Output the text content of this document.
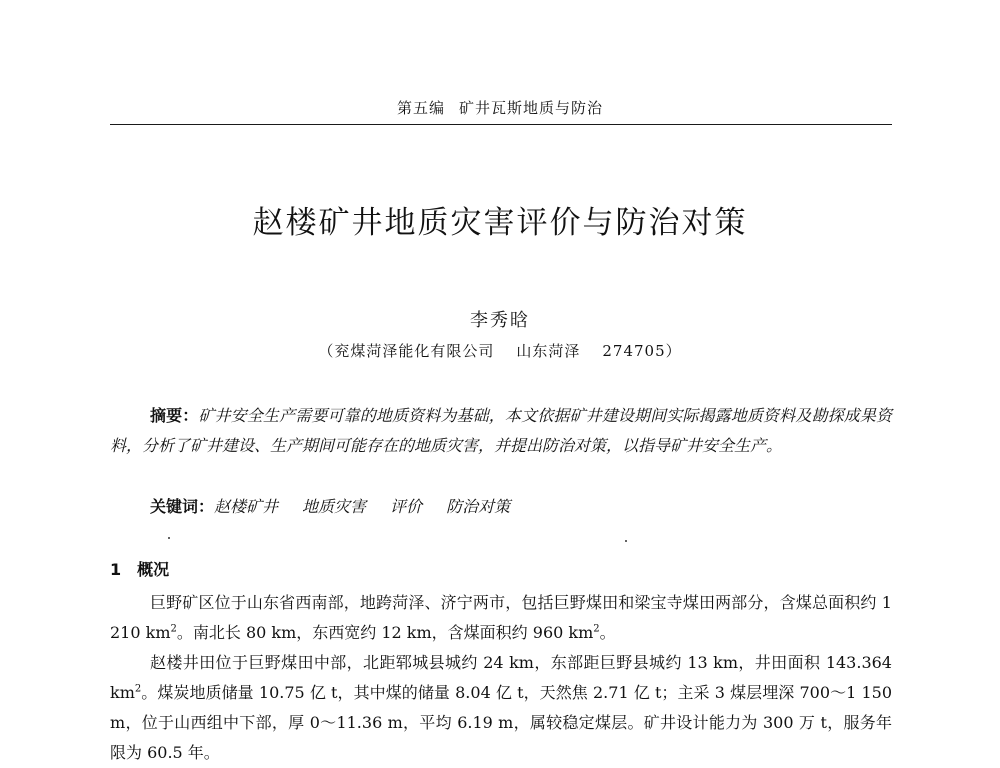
第五编 矿井瓦斯地质与防治
赵楼矿井地质灾害评价与防治对策
李秀晗
（兖煤菏泽能化有限公司 山东菏泽 274705）

摘要：矿井安全生产需要可靠的地质资料为基础，本文依据矿井建设期间实际揭露地质资料及勘探成果资料，分析了矿井建设、生产期间可能存在的地质灾害，并提出防治对策，以指导矿井安全生产。

关键词：赵楼矿井 地质灾害 评价 防治对策
1 概况

巨野矿区位于山东省西南部，地跨菏泽、济宁两市，包括巨野煤田和梁宝寺煤田两部分，含煤总面积约 1 210 $km^2$。南北长 80 km，东西宽约 12 km，含煤面积约 960 $km^2$。

赵楼井田位于巨野煤田中部，北距郓城县城约 24 km，东部距巨野县城约 13 km，井田面积 143.364 $km^2$。煤炭地质储量 10.75 亿 t，其中煤的储量 8.04 亿 t，天然焦 2.71 亿 t；主采 3 煤层埋深 700～1 150 m，位于山西组中下部，厚 0～11.36 m，平均 6.19 m，属较稳定煤层。矿井设计能力为 300 万 t，服务年限为 60.5 年。
